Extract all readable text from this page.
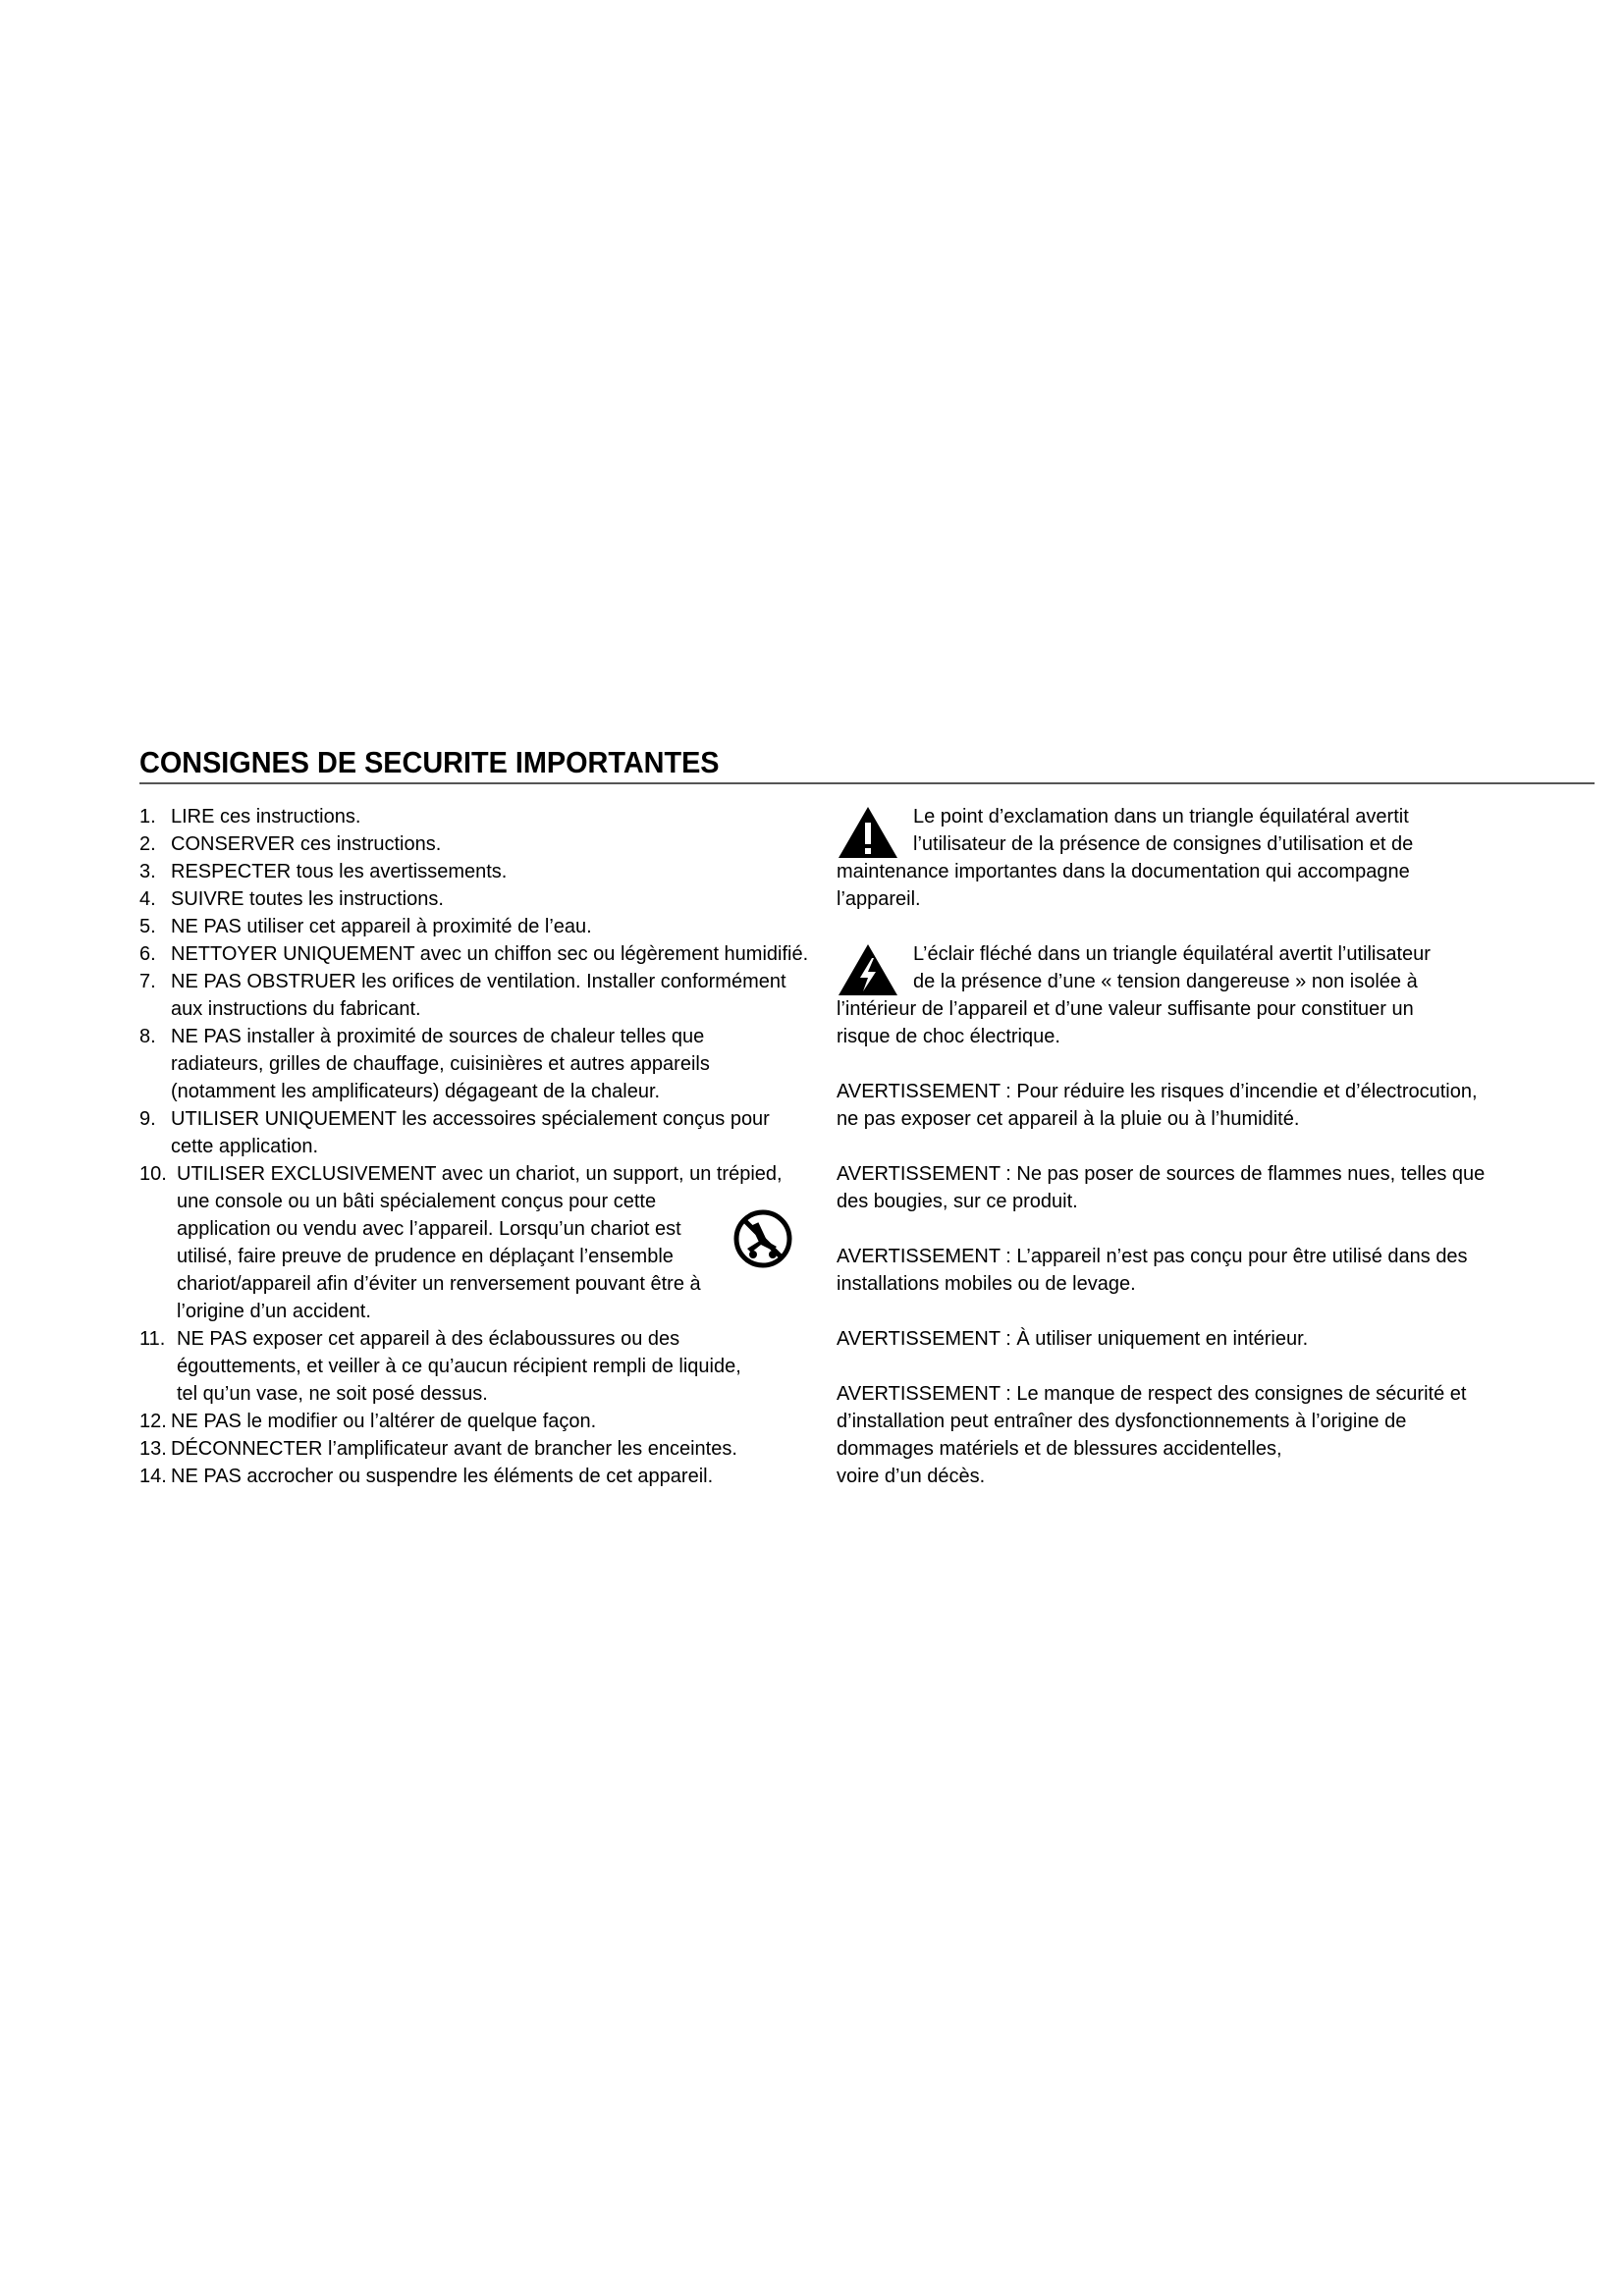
CONSIGNES DE SECURITE IMPORTANTES
1. LIRE ces instructions.
2. CONSERVER ces instructions.
3. RESPECTER tous les avertissements.
4. SUIVRE toutes les instructions.
5. NE PAS utiliser cet appareil à proximité de l’eau.
6. NETTOYER UNIQUEMENT avec un chiffon sec ou légèrement humidifié.
7. NE PAS OBSTRUER les orifices de ventilation. Installer conformément
aux instructions du fabricant.
8. NE PAS installer à proximité de sources de chaleur telles que
radiateurs, grilles de chauffage, cuisinières et autres appareils
(notamment les amplificateurs) dégageant de la chaleur.
9. UTILISER UNIQUEMENT les accessoires spécialement conçus pour
cette application.
10. UTILISER EXCLUSIVEMENT avec un chariot, un support, un trépied,
une console ou un bâti spécialement conçus pour cette
application ou vendu avec l’appareil. Lorsqu’un chariot est
utilisé, faire preuve de prudence en déplaçant l’ensemble
chariot/appareil afin d’éviter un renversement pouvant être à
l’origine d’un accident.
11. NE PAS exposer cet appareil à des éclaboussures ou des
égouttements, et veiller à ce qu’aucun récipient rempli de liquide,
tel qu’un vase, ne soit posé dessus.
12. NE PAS le modifier ou l’altérer de quelque façon.
13. DÉCONNECTER l’amplificateur avant de brancher les enceintes.
14. NE PAS accrocher ou suspendre les éléments de cet appareil.
Le point d’exclamation dans un triangle équilatéral avertit
l’utilisateur de la présence de consignes d’utilisation et de
maintenance importantes dans la documentation qui accompagne
l’appareil.
L’éclair fléché dans un triangle équilatéral avertit l’utilisateur
de la présence d’une « tension dangereuse » non isolée à
l’intérieur de l’appareil et d’une valeur suffisante pour constituer un
risque de choc électrique.
AVERTISSEMENT : Pour réduire les risques d’incendie et d’électrocution,
ne pas exposer cet appareil à la pluie ou à l’humidité.
AVERTISSEMENT : Ne pas poser de sources de flammes nues, telles que
des bougies, sur ce produit.
AVERTISSEMENT : L’appareil n’est pas conçu pour être utilisé dans des
installations mobiles ou de levage.
AVERTISSEMENT : À utiliser uniquement en intérieur.
AVERTISSEMENT : Le manque de respect des consignes de sécurité et
d’installation peut entraîner des dysfonctionnements à l’origine de
dommages matériels et de blessures accidentelles,
voire d’un décès.
